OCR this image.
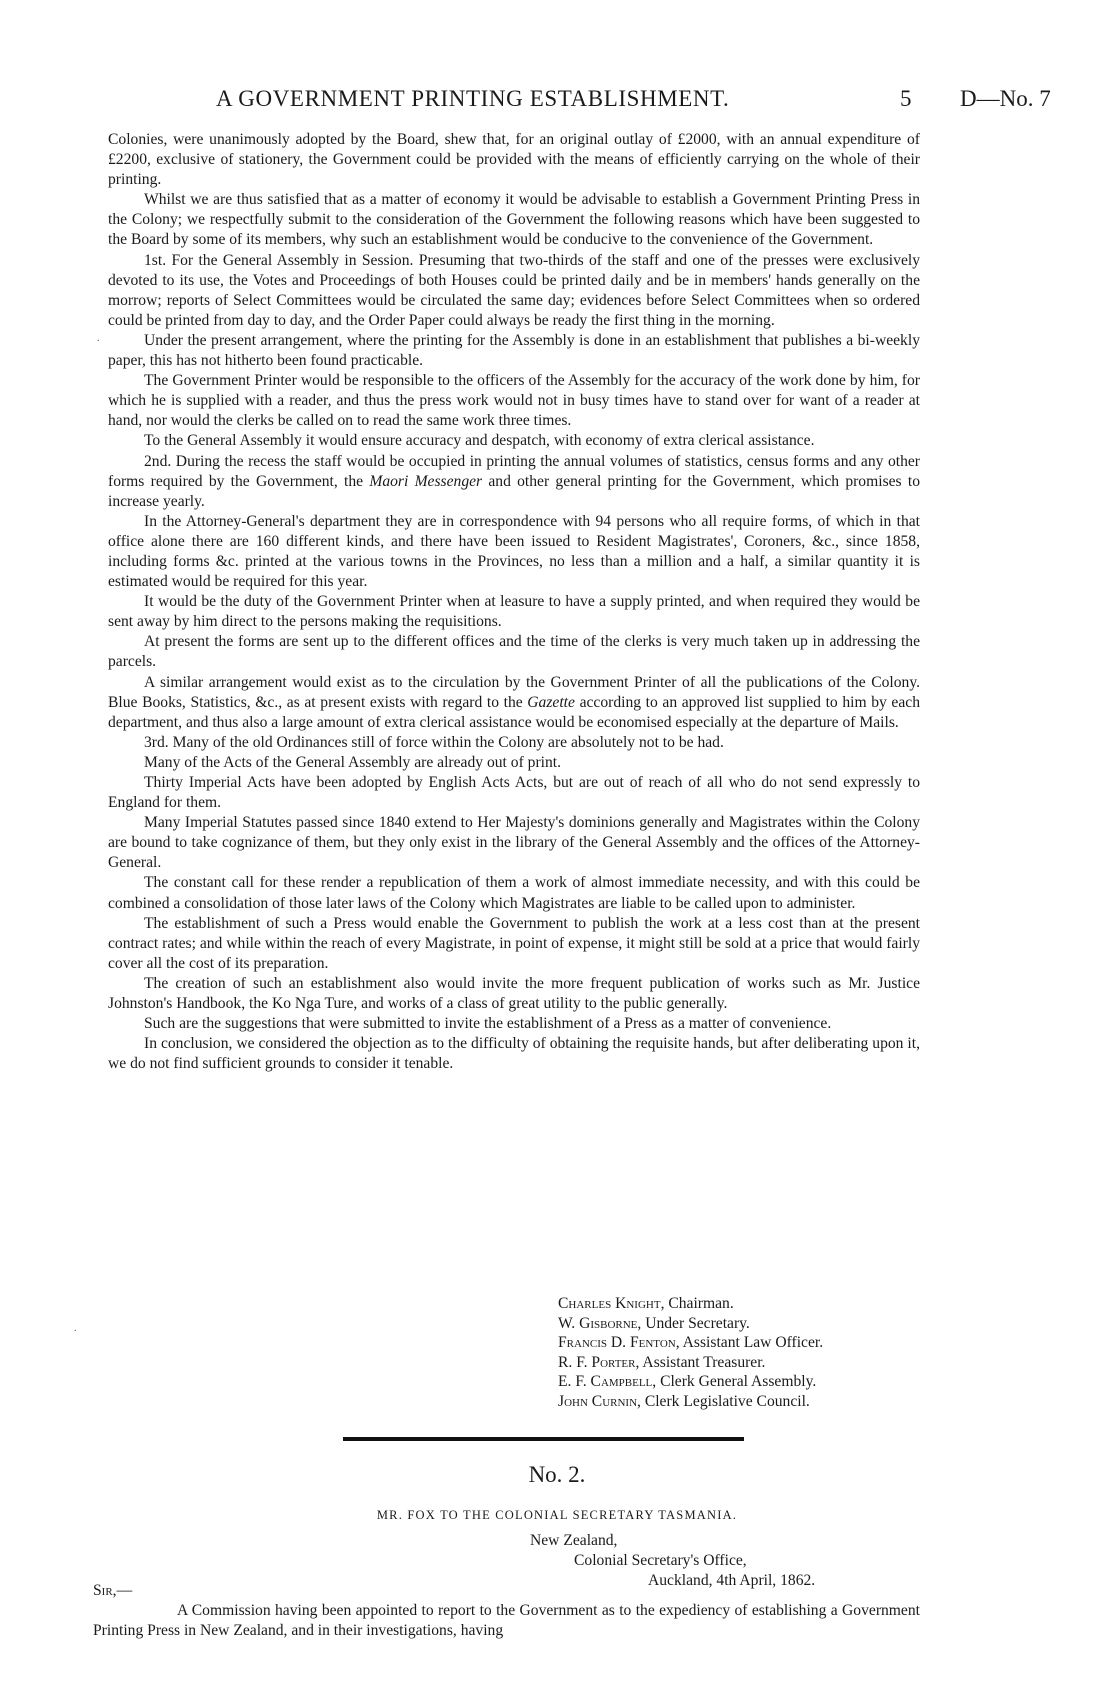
A GOVERNMENT PRINTING ESTABLISHMENT.	5 D—No. 7

Colonies, were unanimously adopted by the Board, shew that, for an original outlay of £2000, with an annual expenditure of £2200, exclusive of stationery, the Government could be provided with the means of efficiently carrying on the whole of their printing.

Whilst we are thus satisfied that as a matter of economy it would be advisable to establish a Government Printing Press in the Colony; we respectfully submit to the consideration of the Government the following reasons which have been suggested to the Board by some of its members, why such an establishment would be conducive to the convenience of the Government.

1st. For the General Assembly in Session. Presuming that two-thirds of the staff and one of the presses were exclusively devoted to its use, the Votes and Proceedings of both Houses could be printed daily and be in members' hands generally on the morrow; reports of Select Committees would be circulated the same day; evidences before Select Committees when so ordered could be printed from day to day, and the Order Paper could always be ready the first thing in the morning.

Under the present arrangement, where the printing for the Assembly is done in an establishment that publishes a bi-weekly paper, this has not hitherto been found practicable.

The Government Printer would be responsible to the officers of the Assembly for the accuracy of the work done by him, for which he is supplied with a reader, and thus the press work would not in busy times have to stand over for want of a reader at hand, nor would the clerks be called on to read the same work three times.

To the General Assembly it would ensure accuracy and despatch, with economy of extra clerical assistance.

2nd. During the recess the staff would be occupied in printing the annual volumes of statistics, census forms and any other forms required by the Government, the Maori Messenger and other general printing for the Government, which promises to increase yearly.

In the Attorney-General's department they are in correspondence with 94 persons who all require forms, of which in that office alone there are 160 different kinds, and there have been issued to Resident Magistrates', Coroners, &c., since 1858, including forms &c. printed at the various towns in the Provinces, no less than a million and a half, a similar quantity it is estimated would be required for this year.

It would be the duty of the Government Printer when at leasure to have a supply printed, and when required they would be sent away by him direct to the persons making the requisitions.

At present the forms are sent up to the different offices and the time of the clerks is very much taken up in addressing the parcels.

A similar arrangement would exist as to the circulation by the Government Printer of all the publications of the Colony. Blue Books, Statistics, &c., as at present exists with regard to the Gazette according to an approved list supplied to him by each department, and thus also a large amount of extra clerical assistance would be economised especially at the departure of Mails.

3rd. Many of the old Ordinances still of force within the Colony are absolutely not to be had.

Many of the Acts of the General Assembly are already out of print.

Thirty Imperial Acts have been adopted by English Acts Acts, but are out of reach of all who do not send expressly to England for them.

Many Imperial Statutes passed since 1840 extend to Her Majesty's dominions generally and Magistrates within the Colony are bound to take cognizance of them, but they only exist in the library of the General Assembly and the offices of the Attorney-General.

The constant call for these render a republication of them a work of almost immediate necessity, and with this could be combined a consolidation of those later laws of the Colony which Magistrates are liable to be called upon to administer.

The establishment of such a Press would enable the Government to publish the work at a less cost than at the present contract rates; and while within the reach of every Magistrate, in point of expense, it might still be sold at a price that would fairly cover all the cost of its preparation.

The creation of such an establishment also would invite the more frequent publication of works such as Mr. Justice Johnston's Handbook, the Ko Nga Ture, and works of a class of great utility to the public generally.

Such are the suggestions that were submitted to invite the establishment of a Press as a matter of convenience.

In conclusion, we considered the objection as to the difficulty of obtaining the requisite hands, but after deliberating upon it, we do not find sufficient grounds to consider it tenable.

.
.
Charles Knight, Chairman.
W. Gisborne, Under Secretary.
Francis D. Fenton, Assistant Law Officer.
R. F. Porter, Assistant Treasurer.
E. F. Campbell, Clerk General Assembly.
John Curnin, Clerk Legislative Council.
No. 2.
MR. FOX TO THE COLONIAL SECRETARY TASMANIA.
New Zealand,
Colonial Secretary's Office,
Auckland, 4th April, 1862.
Sir,—

A Commission having been appointed to report to the Government as to the expediency of establishing a Government Printing Press in New Zealand, and in their investigations, having
